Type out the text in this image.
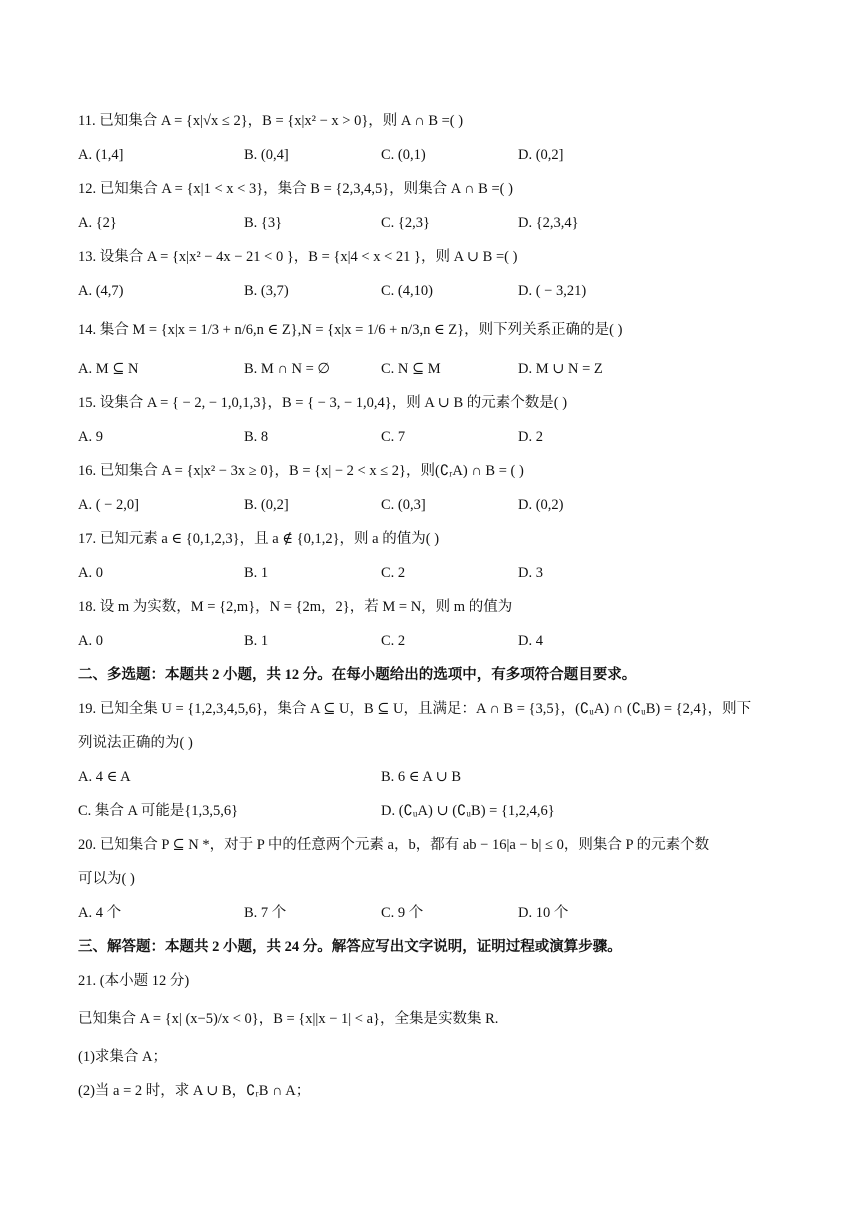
11. 已知集合 A = {x|√x ≤ 2}，B = {x|x² − x > 0}，则 A ∩ B =( )
A. (1,4]	B. (0,4]	C. (0,1)	D. (0,2]
12. 已知集合 A = {x|1 < x < 3}，集合 B = {2,3,4,5}，则集合 A ∩ B =( )
A. {2}	B. {3}	C. {2,3}	D. {2,3,4}
13. 设集合 A = {x|x² − 4x − 21 < 0 }，B = {x|4 < x < 21 }，则 A ∪ B =( )
A. (4,7)	B. (3,7)	C. (4,10)	D. ( − 3,21)
14. 集合 M = {x|x = 1/3 + n/6,n ∈ Z},N = {x|x = 1/6 + n/3,n ∈ Z}，则下列关系正确的是( )
A. M ⊆ N	B. M ∩ N = ∅	C. N ⊆ M	D. M ∪ N = Z
15. 设集合 A = { − 2, − 1,0,1,3}，B = { − 3, − 1,0,4}，则 A ∪ B 的元素个数是( )
A. 9	B. 8	C. 7	D. 2
16. 已知集合 A = {x|x² − 3x ≥ 0}，B = {x| − 2 < x ≤ 2}，则(∁ᵣA) ∩ B = ( )
A. ( − 2,0]	B. (0,2]	C. (0,3]	D. (0,2)
17. 已知元素 a ∈ {0,1,2,3}，且 a ∉ {0,1,2}，则 a 的值为( )
A. 0	B. 1	C. 2	D. 3
18. 设 m 为实数，M = {2,m}，N = {2m，2}，若 M = N，则 m 的值为
A. 0	B. 1	C. 2	D. 4
二、多选题：本题共 2 小题，共 12 分。在每小题给出的选项中，有多项符合题目要求。
19. 已知全集 U = {1,2,3,4,5,6}，集合 A ⊆ U，B ⊆ U，且满足：A ∩ B = {3,5}，(∁ᵤA) ∩ (∁ᵤB) = {2,4}，则下
列说法正确的为( )
A. 4 ∈ A	B. 6 ∈ A ∪ B
C. 集合 A 可能是{1,3,5,6}	D. (∁ᵤA) ∪ (∁ᵤB) = {1,2,4,6}
20. 已知集合 P ⊆ N *，对于 P 中的任意两个元素 a，b，都有 ab − 16|a − b| ≤ 0，则集合 P 的元素个数
可以为( )
A. 4 个	B. 7 个	C. 9 个	D. 10 个
三、解答题：本题共 2 小题，共 24 分。解答应写出文字说明，证明过程或演算步骤。
21. (本小题 12 分)
已知集合 A = {x| (x−5)/x < 0}，B = {x||x − 1| < a}，全集是实数集 R.
(1)求集合 A；
(2)当 a = 2 时，求 A ∪ B，∁ᵣB ∩ A；
